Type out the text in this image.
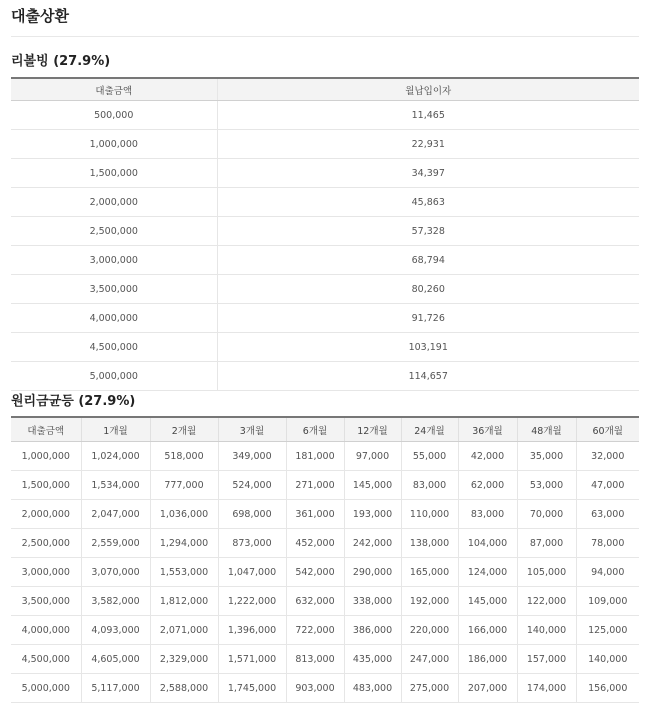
대출상환
리볼빙 (27.9%)
대출금액	월납입이자
500,000	11,465
1,000,000	22,931
1,500,000	34,397
2,000,000	45,863
2,500,000	57,328
3,000,000	68,794
3,500,000	80,260
4,000,000	91,726
4,500,000	103,191
5,000,000	114,657
원리금균등 (27.9%)
대출금액	1개월	2개월	3개월	6개월	12개월	24개월	36개월	48개월	60개월
1,000,000	1,024,000	518,000	349,000	181,000	97,000	55,000	42,000	35,000	32,000
1,500,000	1,534,000	777,000	524,000	271,000	145,000	83,000	62,000	53,000	47,000
2,000,000	2,047,000	1,036,000	698,000	361,000	193,000	110,000	83,000	70,000	63,000
2,500,000	2,559,000	1,294,000	873,000	452,000	242,000	138,000	104,000	87,000	78,000
3,000,000	3,070,000	1,553,000	1,047,000	542,000	290,000	165,000	124,000	105,000	94,000
3,500,000	3,582,000	1,812,000	1,222,000	632,000	338,000	192,000	145,000	122,000	109,000
4,000,000	4,093,000	2,071,000	1,396,000	722,000	386,000	220,000	166,000	140,000	125,000
4,500,000	4,605,000	2,329,000	1,571,000	813,000	435,000	247,000	186,000	157,000	140,000
5,000,000	5,117,000	2,588,000	1,745,000	903,000	483,000	275,000	207,000	174,000	156,000
